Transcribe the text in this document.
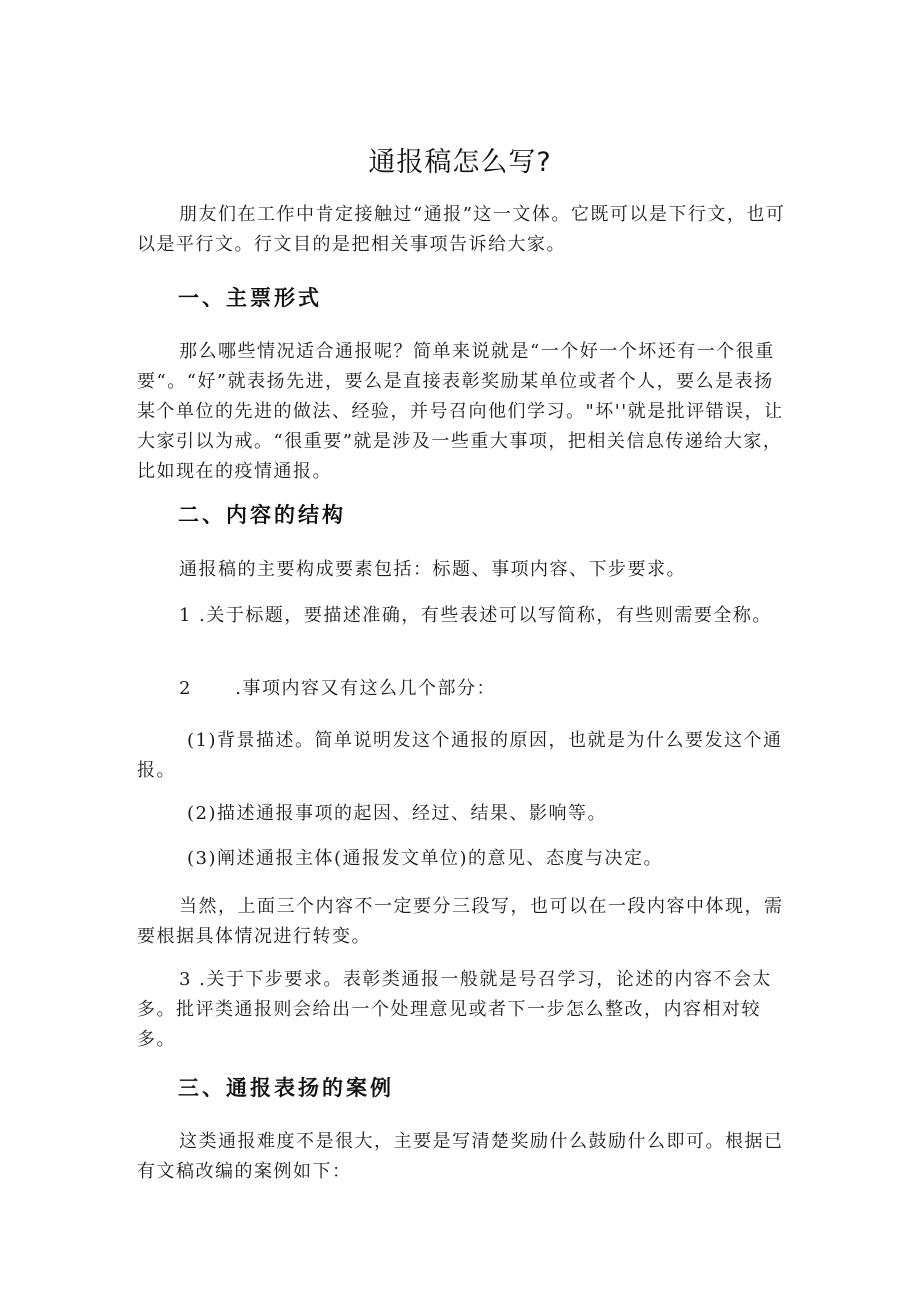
通报稿怎么写?

朋友们在工作中肯定接触过“通报”这一文体。它既可以是下行文，也可以是平行文。行文目的是把相关事项告诉给大家。

一、主票形式

那么哪些情况适合通报呢？简单来说就是“一个好一个坏还有一个很重要“。“好”就表扬先进，要么是直接表彰奖励某单位或者个人，要么是表扬某个单位的先进的做法、经验，并号召向他们学习。"坏''就是批评错误，让大家引以为戒。“很重要”就是涉及一些重大事项，把相关信息传递给大家，比如现在的疫情通报。

二、内容的结构

通报稿的主要构成要素包括：标题、事项内容、下步要求。

1 .关于标题，要描述准确，有些表述可以写简称，有些则需要全称。

2      .事项内容又有这么几个部分：

(1)背景描述。简单说明发这个通报的原因，也就是为什么要发这个通报。

(2)描述通报事项的起因、经过、结果、影响等。

(3)阐述通报主体(通报发文单位)的意见、态度与决定。

当然，上面三个内容不一定要分三段写，也可以在一段内容中体现，需要根据具体情况进行转变。

3 .关于下步要求。表彰类通报一般就是号召学习，论述的内容不会太多。批评类通报则会给出一个处理意见或者下一步怎么整改，内容相对较多。

三、通报表扬的案例

这类通报难度不是很大，主要是写清楚奖励什么鼓励什么即可。根据已有文稿改编的案例如下：
